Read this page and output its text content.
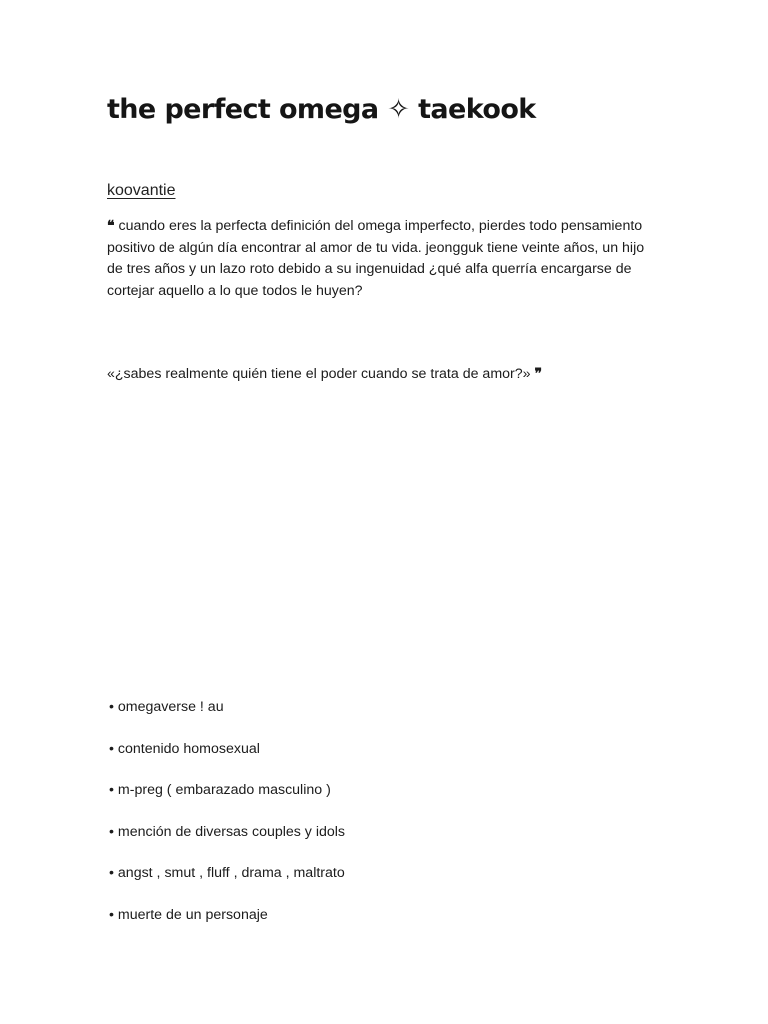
the perfect omega ✧ taekook
koovantie

❝ cuando eres la perfecta definición del omega imperfecto, pierdes todo pensamiento positivo de algún día encontrar al amor de tu vida. jeongguk tiene veinte años, un hijo de tres años y un lazo roto debido a su ingenuidad ¿qué alfa querría encargarse de cortejar aquello a lo que todos le huyen?

«¿sabes realmente quién tiene el poder cuando se trata de amor?» ❞

• omegaverse ! au
• contenido homosexual
• m-preg ( embarazado masculino )
• mención de diversas couples y idols
• angst , smut , fluff , drama , maltrato
• muerte de un personaje
